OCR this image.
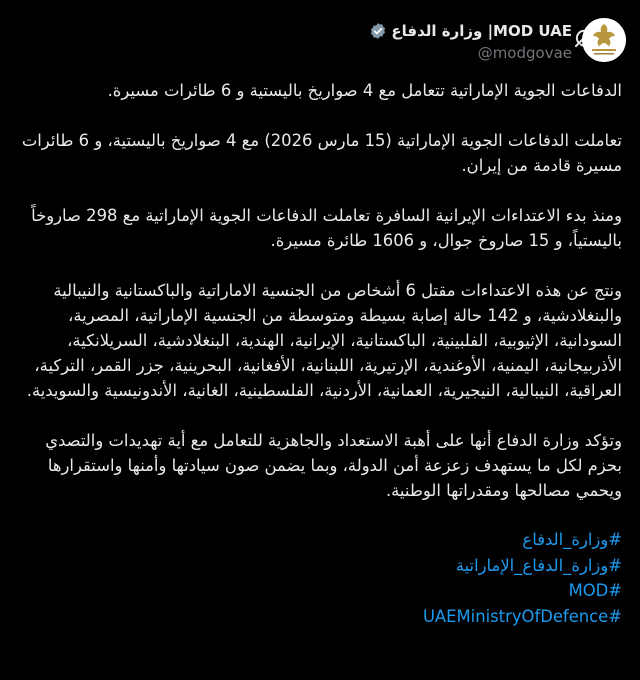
وزارة الدفاع |MOD UAE
@modgovae

الدفاعات الجوية الإماراتية تتعامل مع 4 صواريخ باليستية و 6 طائرات مسيرة.

تعاملت الدفاعات الجوية الإماراتية (15 مارس 2026) مع 4 صواريخ باليستية، و 6 طائرات مسيرة قادمة من إيران.

ومنذ بدء الاعتداءات الإيرانية السافرة تعاملت الدفاعات الجوية الإماراتية مع 298 صاروخاً باليستياً، و 15 صاروخ جوال، و 1606 طائرة مسيرة.

ونتج عن هذه الاعتداءات مقتل 6 أشخاص من الجنسية الاماراتية والباكستانية والنيبالية والبنغلادشية، و 142 حالة إصابة بسيطة ومتوسطة من الجنسية الإماراتية، المصرية، السودانية، الإثيوبية، الفلبينية، الباكستانية، الإيرانية، الهندية، البنغلادشية، السريلانكية، الأذربيجانية، اليمنية، الأوغندية، الإرتيرية، اللبنانية، الأفغانية، البحرينية، جزر القمر، التركية، العراقية، النيبالية، النيجيرية، العمانية، الأردنية، الفلسطينية، الغانية، الأندونيسية والسويدية.

وتؤكد وزارة الدفاع أنها على أهبة الاستعداد والجاهزية للتعامل مع أية تهديدات والتصدي بحزم لكل ما يستهدف زعزعة أمن الدولة، وبما يضمن صون سيادتها وأمنها واستقرارها ويحمي مصالحها ومقدراتها الوطنية.

#وزارة_الدفاع
#وزارة_الدفاع_الإماراتية
#MOD
#UAEMinistryOfDefence
